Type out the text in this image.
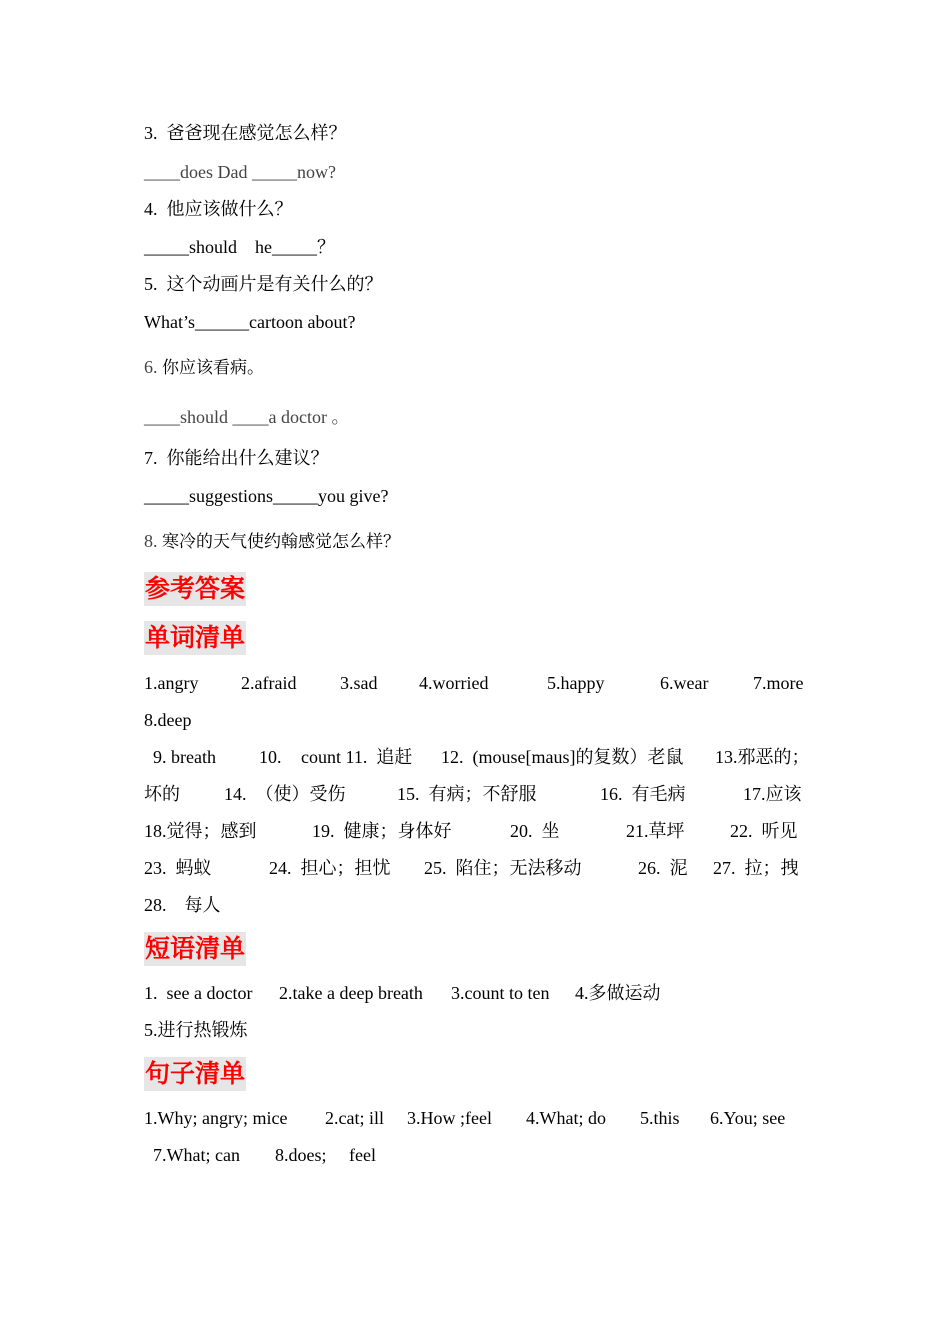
3.  爸爸现在感觉怎么样？
____does Dad _____now?
4.  他应该做什么？
_____should    he_____？
5.  这个动画片是有关什么的？
What’s______cartoon about?
6. 你应该看病。
____should ____a doctor 。
7.  你能给出什么建议？
_____suggestions_____you give?
8. 寒冷的天气使约翰感觉怎么样？
参考答案
单词清单
1.angry 2.afraid 3.sad 4.worried	5.happy	6.wear 7.more
8.deep
9. breath 10. count 11.  追赶 12.  (mouse[maus]的复数）老鼠 13.邪恶的；
坏的 14.  （使）受伤	15.  有病；不舒服	16.  有毛病	17.应该
18.觉得；感到	19.  健康；身体好	20.  坐	21.草坪	22.  听见
23.  蚂蚁	24.  担心；担忧 25.  陷住；无法移动	26.  泥 27.  拉；拽
28.    每人
短语清单
1.  see a doctor 2.take a deep breath 3.count to ten 4.多做运动
5.进行热锻炼
句子清单
1.Why; angry; mice 2.cat; ill 3.How ;feel 4.What; do 5.this 6.You; see
7.What; can 8.does; feel
